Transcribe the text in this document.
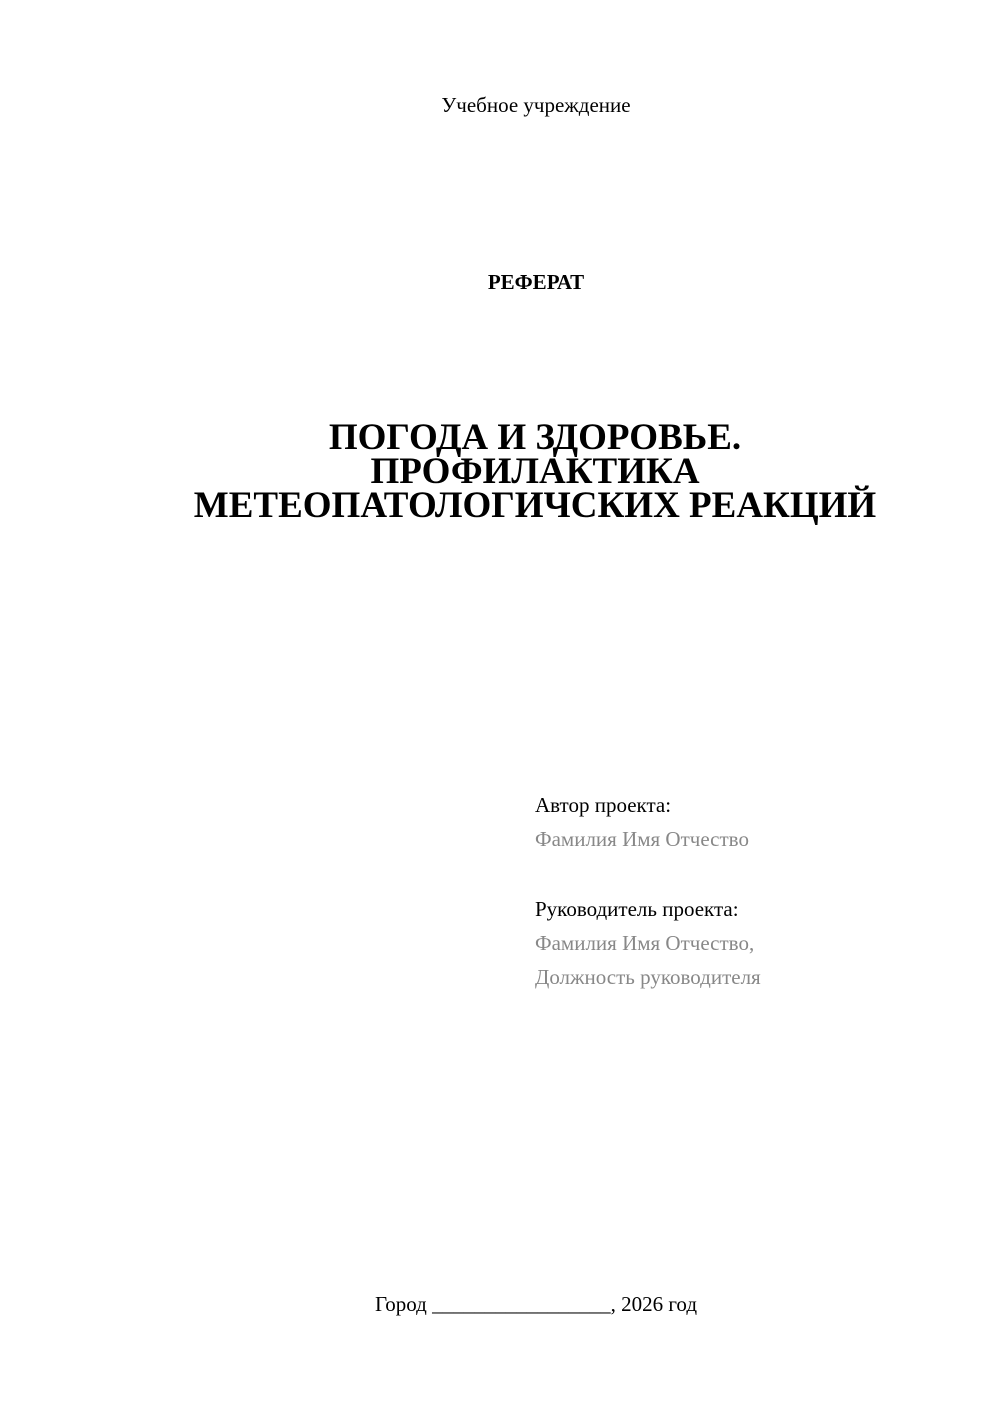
Учебное учреждение
РЕФЕРАТ
ПОГОДА И ЗДОРОВЬЕ.
ПРОФИЛАКТИКА
МЕТЕОПАТОЛОГИЧСКИХ РЕАКЦИЙ
Автор проекта:
Фамилия Имя Отчество
Руководитель проекта:
Фамилия Имя Отчество,
Должность руководителя
Город _________________, 2026 год
